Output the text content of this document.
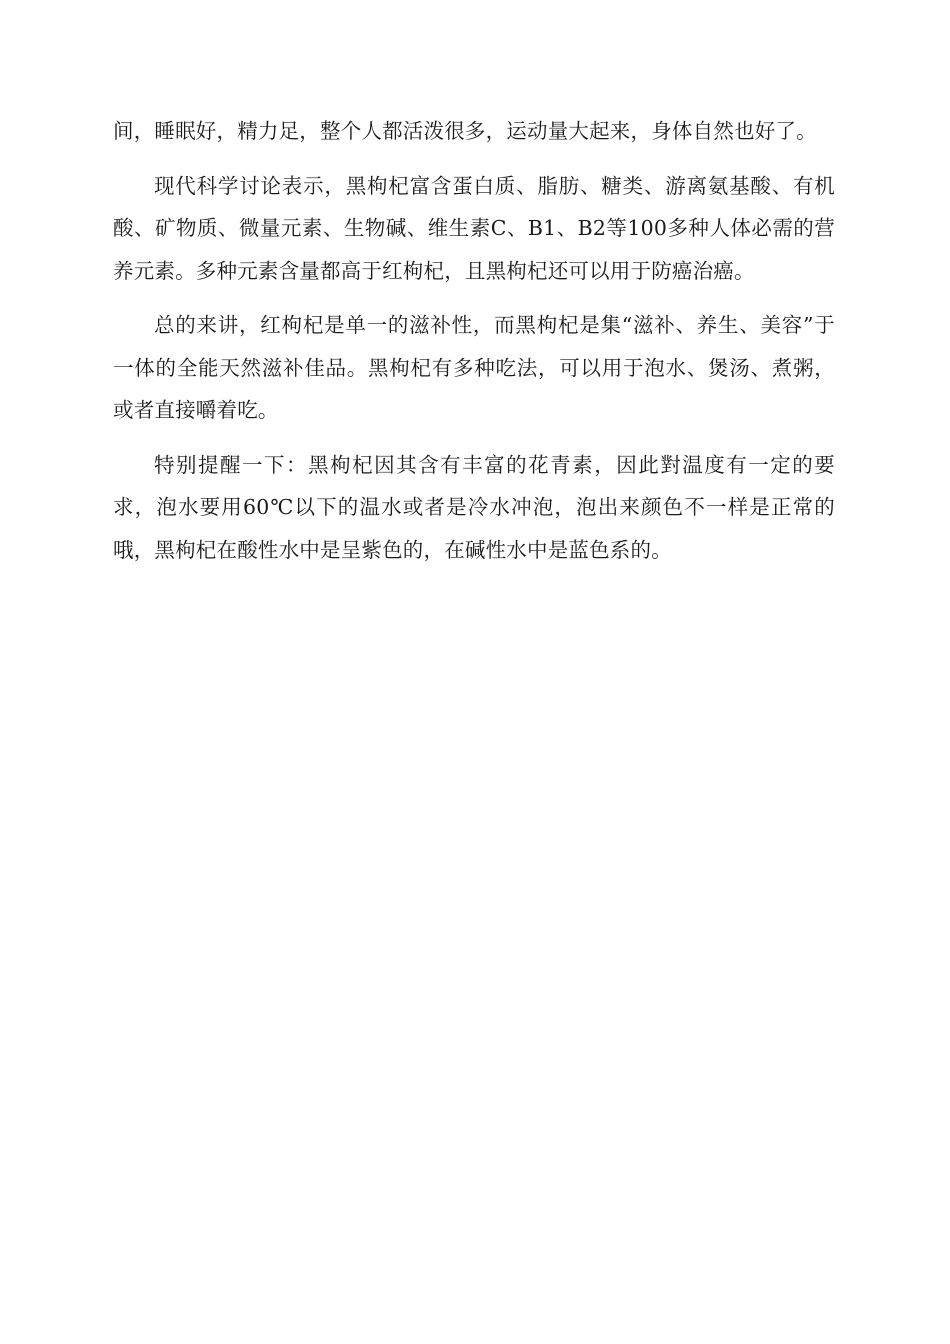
间，睡眠好，精力足，整个人都活泼很多，运动量大起来，身体自然也好了。

现代科学讨论表示，黑枸杞富含蛋白质、脂肪、糖类、游离氨基酸、有机酸、矿物质、微量元素、生物碱、维生素C、B1、B2等100多种人体必需的营养元素。多种元素含量都高于红枸杞，且黑枸杞还可以用于防癌治癌。

总的来讲，红枸杞是单一的滋补性，而黑枸杞是集“滋补、养生、美容”于一体的全能天然滋补佳品。黑枸杞有多种吃法，可以用于泡水、煲汤、煮粥，或者直接嚼着吃。

特别提醒一下：黑枸杞因其含有丰富的花青素，因此對温度有一定的要求，泡水要用60℃以下的温水或者是冷水冲泡，泡出来颜色不一样是正常的哦，黑枸杞在酸性水中是呈紫色的，在碱性水中是蓝色系的。
